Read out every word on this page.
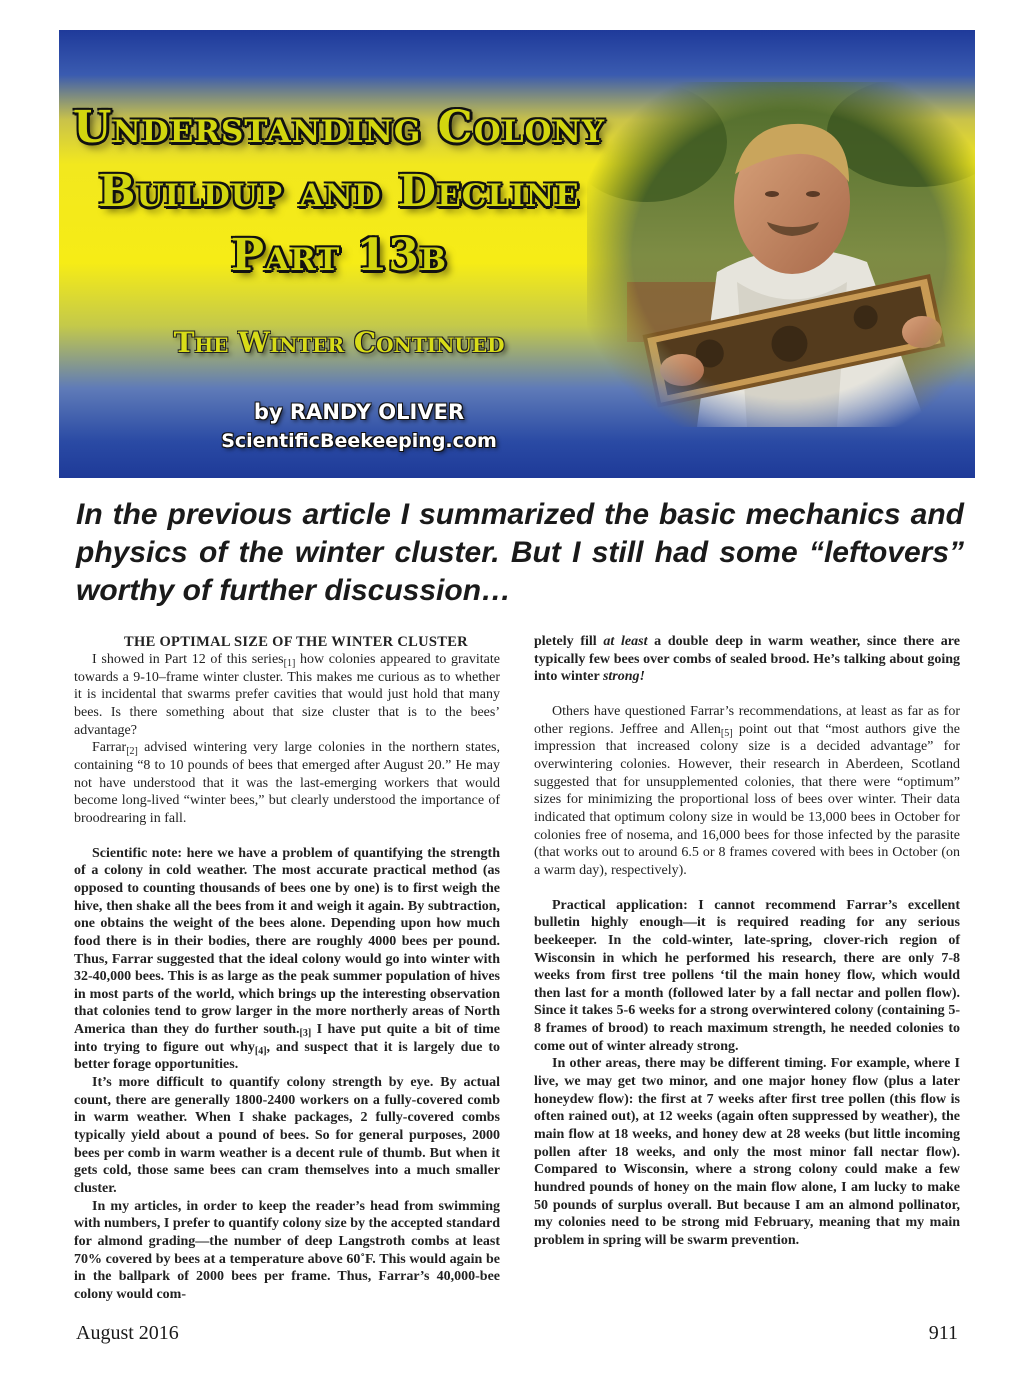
Understanding Colony
Buildup and Decline
Part 13b
The Winter Continued
by RANDY OLIVER
ScientificBeekeeping.com
In the previous article I summarized the basic mechanics and physics of the winter cluster. But I still had some “leftovers” worthy of further discussion…

THE OPTIMAL SIZE OF THE WINTER CLUSTER

I showed in Part 12 of this series$_{[1]}$ how colonies appeared to gravitate towards a 9-10–frame winter cluster. This makes me curious as to whether it is incidental that swarms prefer cavities that would just hold that many bees. Is there something about that size cluster that is to the bees’ advantage?

Farrar$_{[2]}$ advised wintering very large colonies in the northern states, containing “8 to 10 pounds of bees that emerged after August 20.” He may not have understood that it was the last-emerging workers that would become long-lived “winter bees,” but clearly understood the importance of broodrearing in fall.

Scientific note: here we have a problem of quantifying the strength of a colony in cold weather. The most accurate practical method (as opposed to counting thousands of bees one by one) is to first weigh the hive, then shake all the bees from it and weigh it again. By subtraction, one obtains the weight of the bees alone. Depending upon how much food there is in their bodies, there are roughly 4000 bees per pound. Thus, Farrar suggested that the ideal colony would go into winter with 32-40,000 bees. This is as large as the peak summer population of hives in most parts of the world, which brings up the interesting observation that colonies tend to grow larger in the more northerly areas of North America than they do further $south._{[3]}$ I have put quite a bit of time into trying to figure out why$_{[4]}$, and suspect that it is largely due to better forage opportunities.

It’s more difficult to quantify colony strength by eye. By actual count, there are generally 1800-2400 workers on a fully-covered comb in warm weather. When I shake packages, 2 fully-covered combs typically yield about a pound of bees. So for general purposes, 2000 bees per comb in warm weather is a decent rule of thumb. But when it gets cold, those same bees can cram themselves into a much smaller cluster.

In my articles, in order to keep the reader’s head from swimming with numbers, I prefer to quantify colony size by the accepted standard for almond grading—the number of deep Langstroth combs at least 70% covered by bees at a temperature above 60˚F. This would again be in the ballpark of 2000 bees per frame. Thus, Farrar’s 40,000-bee colony would com-

pletely fill at least a double deep in warm weather, since there are typically few bees over combs of sealed brood. He’s talking about going into winter strong!

Others have questioned Farrar’s recommendations, at least as far as for other regions. Jeffree and Allen$_{[5]}$ point out that “most authors give the impression that increased colony size is a decided advantage” for overwintering colonies. However, their research in Aberdeen, Scotland suggested that for unsupplemented colonies, that there were “optimum” sizes for minimizing the proportional loss of bees over winter. Their data indicated that optimum colony size in would be 13,000 bees in October for colonies free of nosema, and 16,000 bees for those infected by the parasite (that works out to around 6.5 or 8 frames covered with bees in October (on a warm day), respectively).

Practical application: I cannot recommend Farrar’s excellent bulletin highly enough—it is required reading for any serious beekeeper. In the cold-winter, late-spring, clover-rich region of Wisconsin in which he performed his research, there are only 7-8 weeks from first tree pollens ‘til the main honey flow, which would then last for a month (followed later by a fall nectar and pollen flow). Since it takes 5-6 weeks for a strong overwintered colony (containing 5-8 frames of brood) to reach maximum strength, he needed colonies to come out of winter already strong.

In other areas, there may be different timing. For example, where I live, we may get two minor, and one major honey flow (plus a later honeydew flow): the first at 7 weeks after first tree pollen (this flow is often rained out), at 12 weeks (again often suppressed by weather), the main flow at 18 weeks, and honey dew at 28 weeks (but little incoming pollen after 18 weeks, and only the most minor fall nectar flow). Compared to Wisconsin, where a strong colony could make a few hundred pounds of honey on the main flow alone, I am lucky to make 50 pounds of surplus overall. But because I am an almond pollinator, my colonies need to be strong mid February, meaning that my main problem in spring will be swarm prevention.

August 2016	911
